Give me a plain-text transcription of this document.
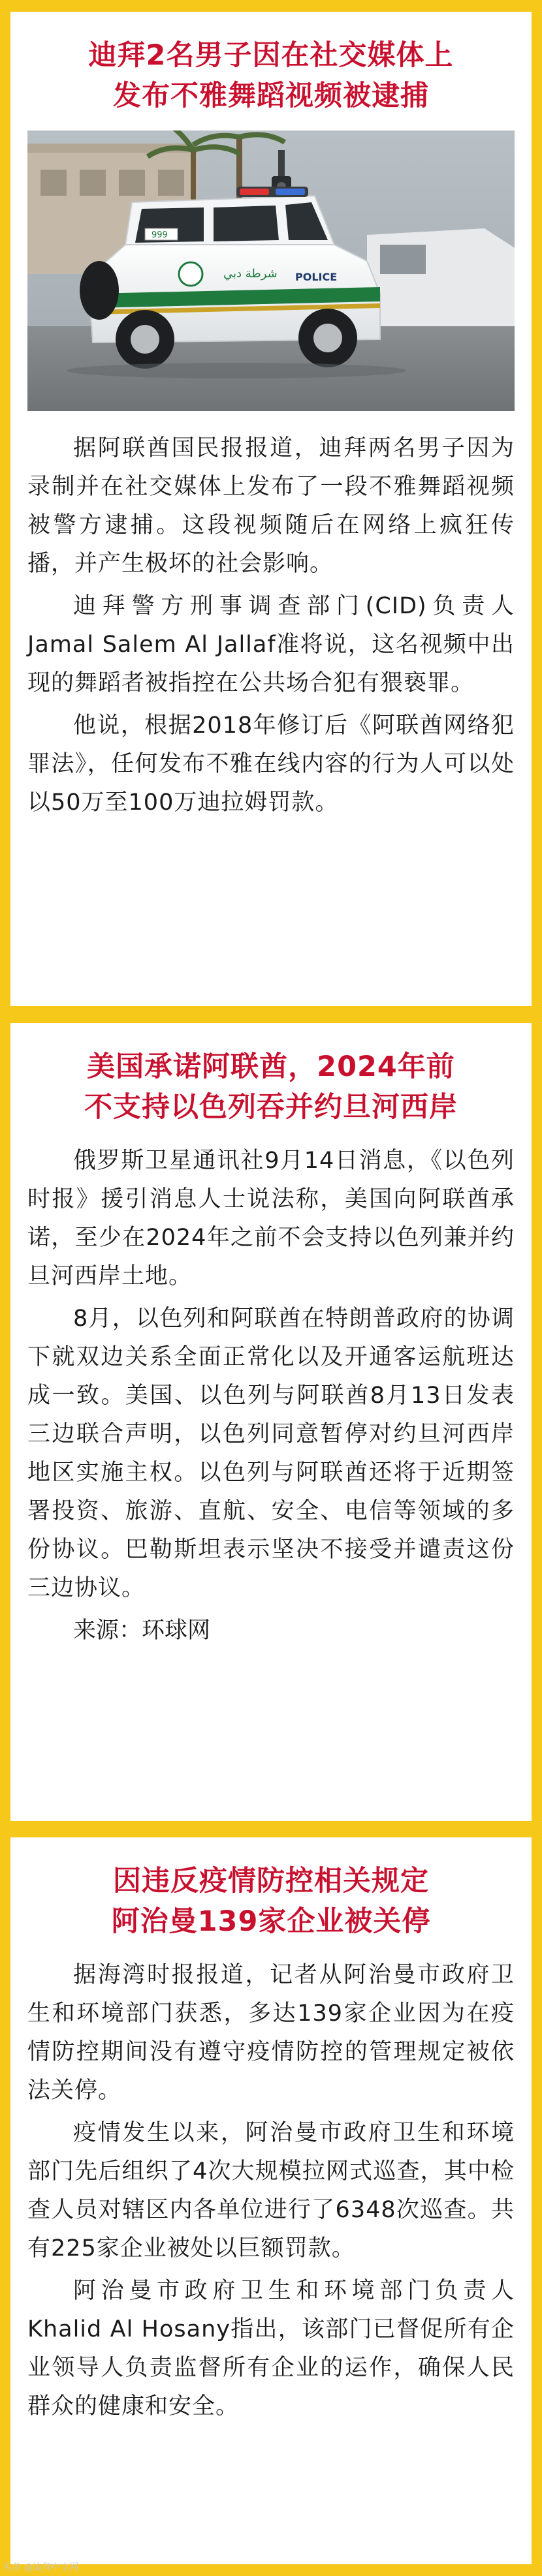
迪拜2名男子因在社交媒体上
发布不雅舞蹈视频被逮捕
شرطة دبي POLICE
999

据阿联酋国民报报道，迪拜两名男子因为录制并在社交媒体上发布了一段不雅舞蹈视频被警方逮捕。这段视频随后在网络上疯狂传播，并产生极坏的社会影响。

迪拜警方刑事调查部门(CID)负责人 Jamal Salem Al Jallaf准将说，这名视频中出现的舞蹈者被指控在公共场合犯有猥亵罪。

他说，根据2018年修订后《阿联酋网络犯罪法》，任何发布不雅在线内容的行为人可以处以50万至100万迪拉姆罚款。

美国承诺阿联酋，2024年前
不支持以色列吞并约旦河西岸

俄罗斯卫星通讯社9月14日消息，《以色列时报》援引消息人士说法称，美国向阿联酋承诺，至少在2024年之前不会支持以色列兼并约旦河西岸土地。

8月，以色列和阿联酋在特朗普政府的协调下就双边关系全面正常化以及开通客运航班达成一致。美国、以色列与阿联酋8月13日发表三边联合声明，以色列同意暂停对约旦河西岸地区实施主权。以色列与阿联酋还将于近期签署投资、旅游、直航、安全、电信等领域的多份协议。巴勒斯坦表示坚决不接受并谴责这份三边协议。

来源：环球网

因违反疫情防控相关规定
阿治曼139家企业被关停

据海湾时报报道，记者从阿治曼市政府卫生和环境部门获悉，多达139家企业因为在疫情防控期间没有遵守疫情防控的管理规定被依法关停。

疫情发生以来，阿治曼市政府卫生和环境部门先后组织了4次大规模拉网式巡查，其中检查人员对辖区内各单位进行了6348次巡查。共有225家企业被处以巨额罚款。

阿治曼市政府卫生和环境部门负责人Khalid Al Hosany指出，该部门已督促所有企业领导人负责监督所有企业的运作，确保人民群众的健康和安全。

头条 @迪拜中文网
